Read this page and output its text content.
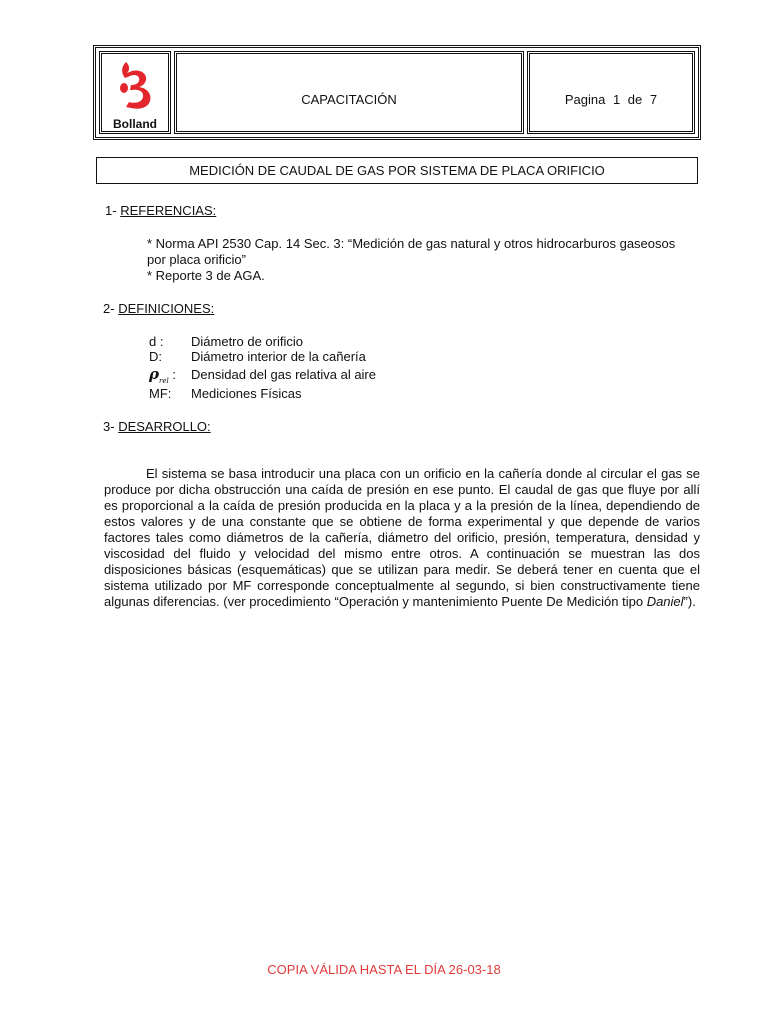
Bolland
CAPACITACIÓN	Pagina 1 de 7
MEDICIÓN DE CAUDAL DE GAS POR SISTEMA DE PLACA ORIFICIO
1- REFERENCIAS:
* Norma API 2530 Cap. 14 Sec. 3: “Medición de gas natural y otros hidrocarburos gaseosos por placa orificio”
* Reporte 3 de AGA.
2- DEFINICIONES:
d : Diámetro de orificio
D: Diámetro interior de la cañería
$\rho_{rel}$ : Densidad del gas relativa al aire
MF: Mediciones Físicas
3- DESARROLLO:
El sistema se basa introducir una placa con un orificio en la cañería donde al circular el gas se produce por dicha obstrucción una caída de presión en ese punto. El caudal de gas que fluye por allí es proporcional a la caída de presión producida en la placa y a la presión de la línea, dependiendo de estos valores y de una constante que se obtiene de forma experimental y que depende de varios factores tales como diámetros de la cañería, diámetro del orificio, presión, temperatura, densidad y viscosidad del fluido y velocidad del mismo entre otros. A continuación se muestran las dos disposiciones básicas (esquemáticas) que se utilizan para medir. Se deberá tener en cuenta que el sistema utilizado por MF corresponde conceptualmente al segundo, si bien constructivamente tiene algunas diferencias. (ver procedimiento “Operación y mantenimiento Puente De Medición tipo Daniel”).
COPIA VÁLIDA HASTA EL DÍA 26-03-18
